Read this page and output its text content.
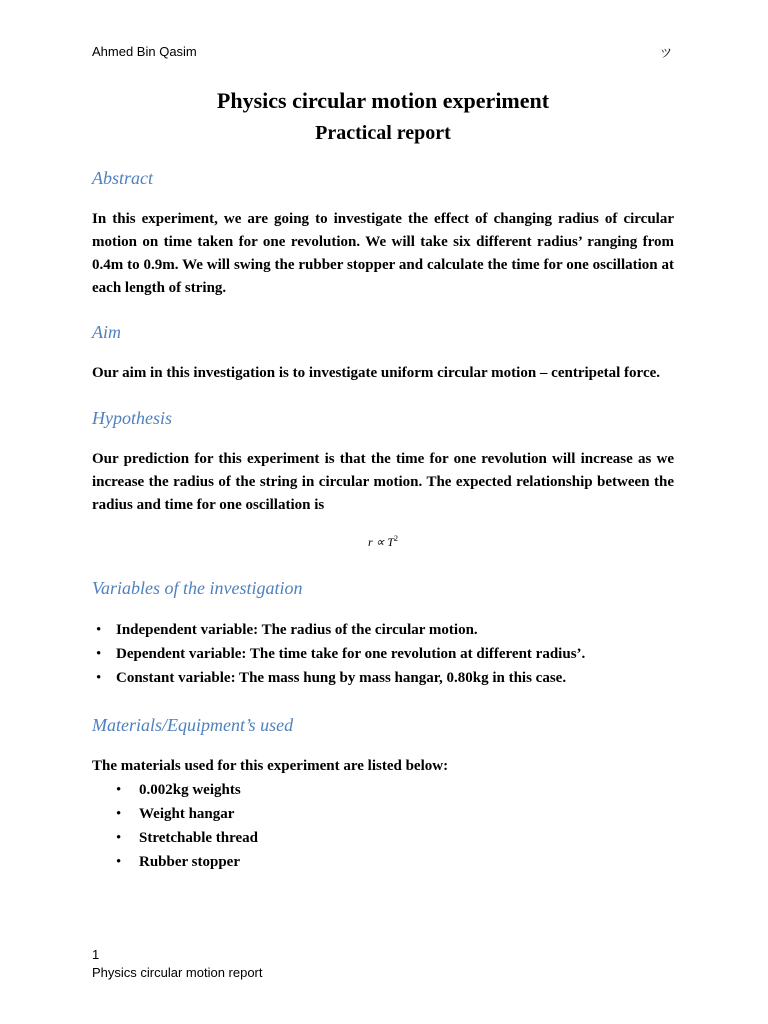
Ahmed Bin Qasim	ツ
Physics circular motion experiment
Practical report
Abstract

In this experiment, we are going to investigate the effect of changing radius of circular motion on time taken for one revolution. We will take six different radius’ ranging from 0.4m to 0.9m. We will swing the rubber stopper and calculate the time for one oscillation at each length of string.

Aim

Our aim in this investigation is to investigate uniform circular motion – centripetal force.

Hypothesis

Our prediction for this experiment is that the time for one revolution will increase as we increase the radius of the string in circular motion. The expected relationship between the radius and time for one oscillation is

$r \propto T^2$
Variables of the investigation
• Independent variable: The radius of the circular motion.
• Dependent variable: The time take for one revolution at different radius’.
• Constant variable: The mass hung by mass hangar, 0.80kg in this case.
Materials/Equipment’s used

The materials used for this experiment are listed below:

• 0.002kg weights
• Weight hangar
• Stretchable thread
• Rubber stopper
1
Physics circular motion report
